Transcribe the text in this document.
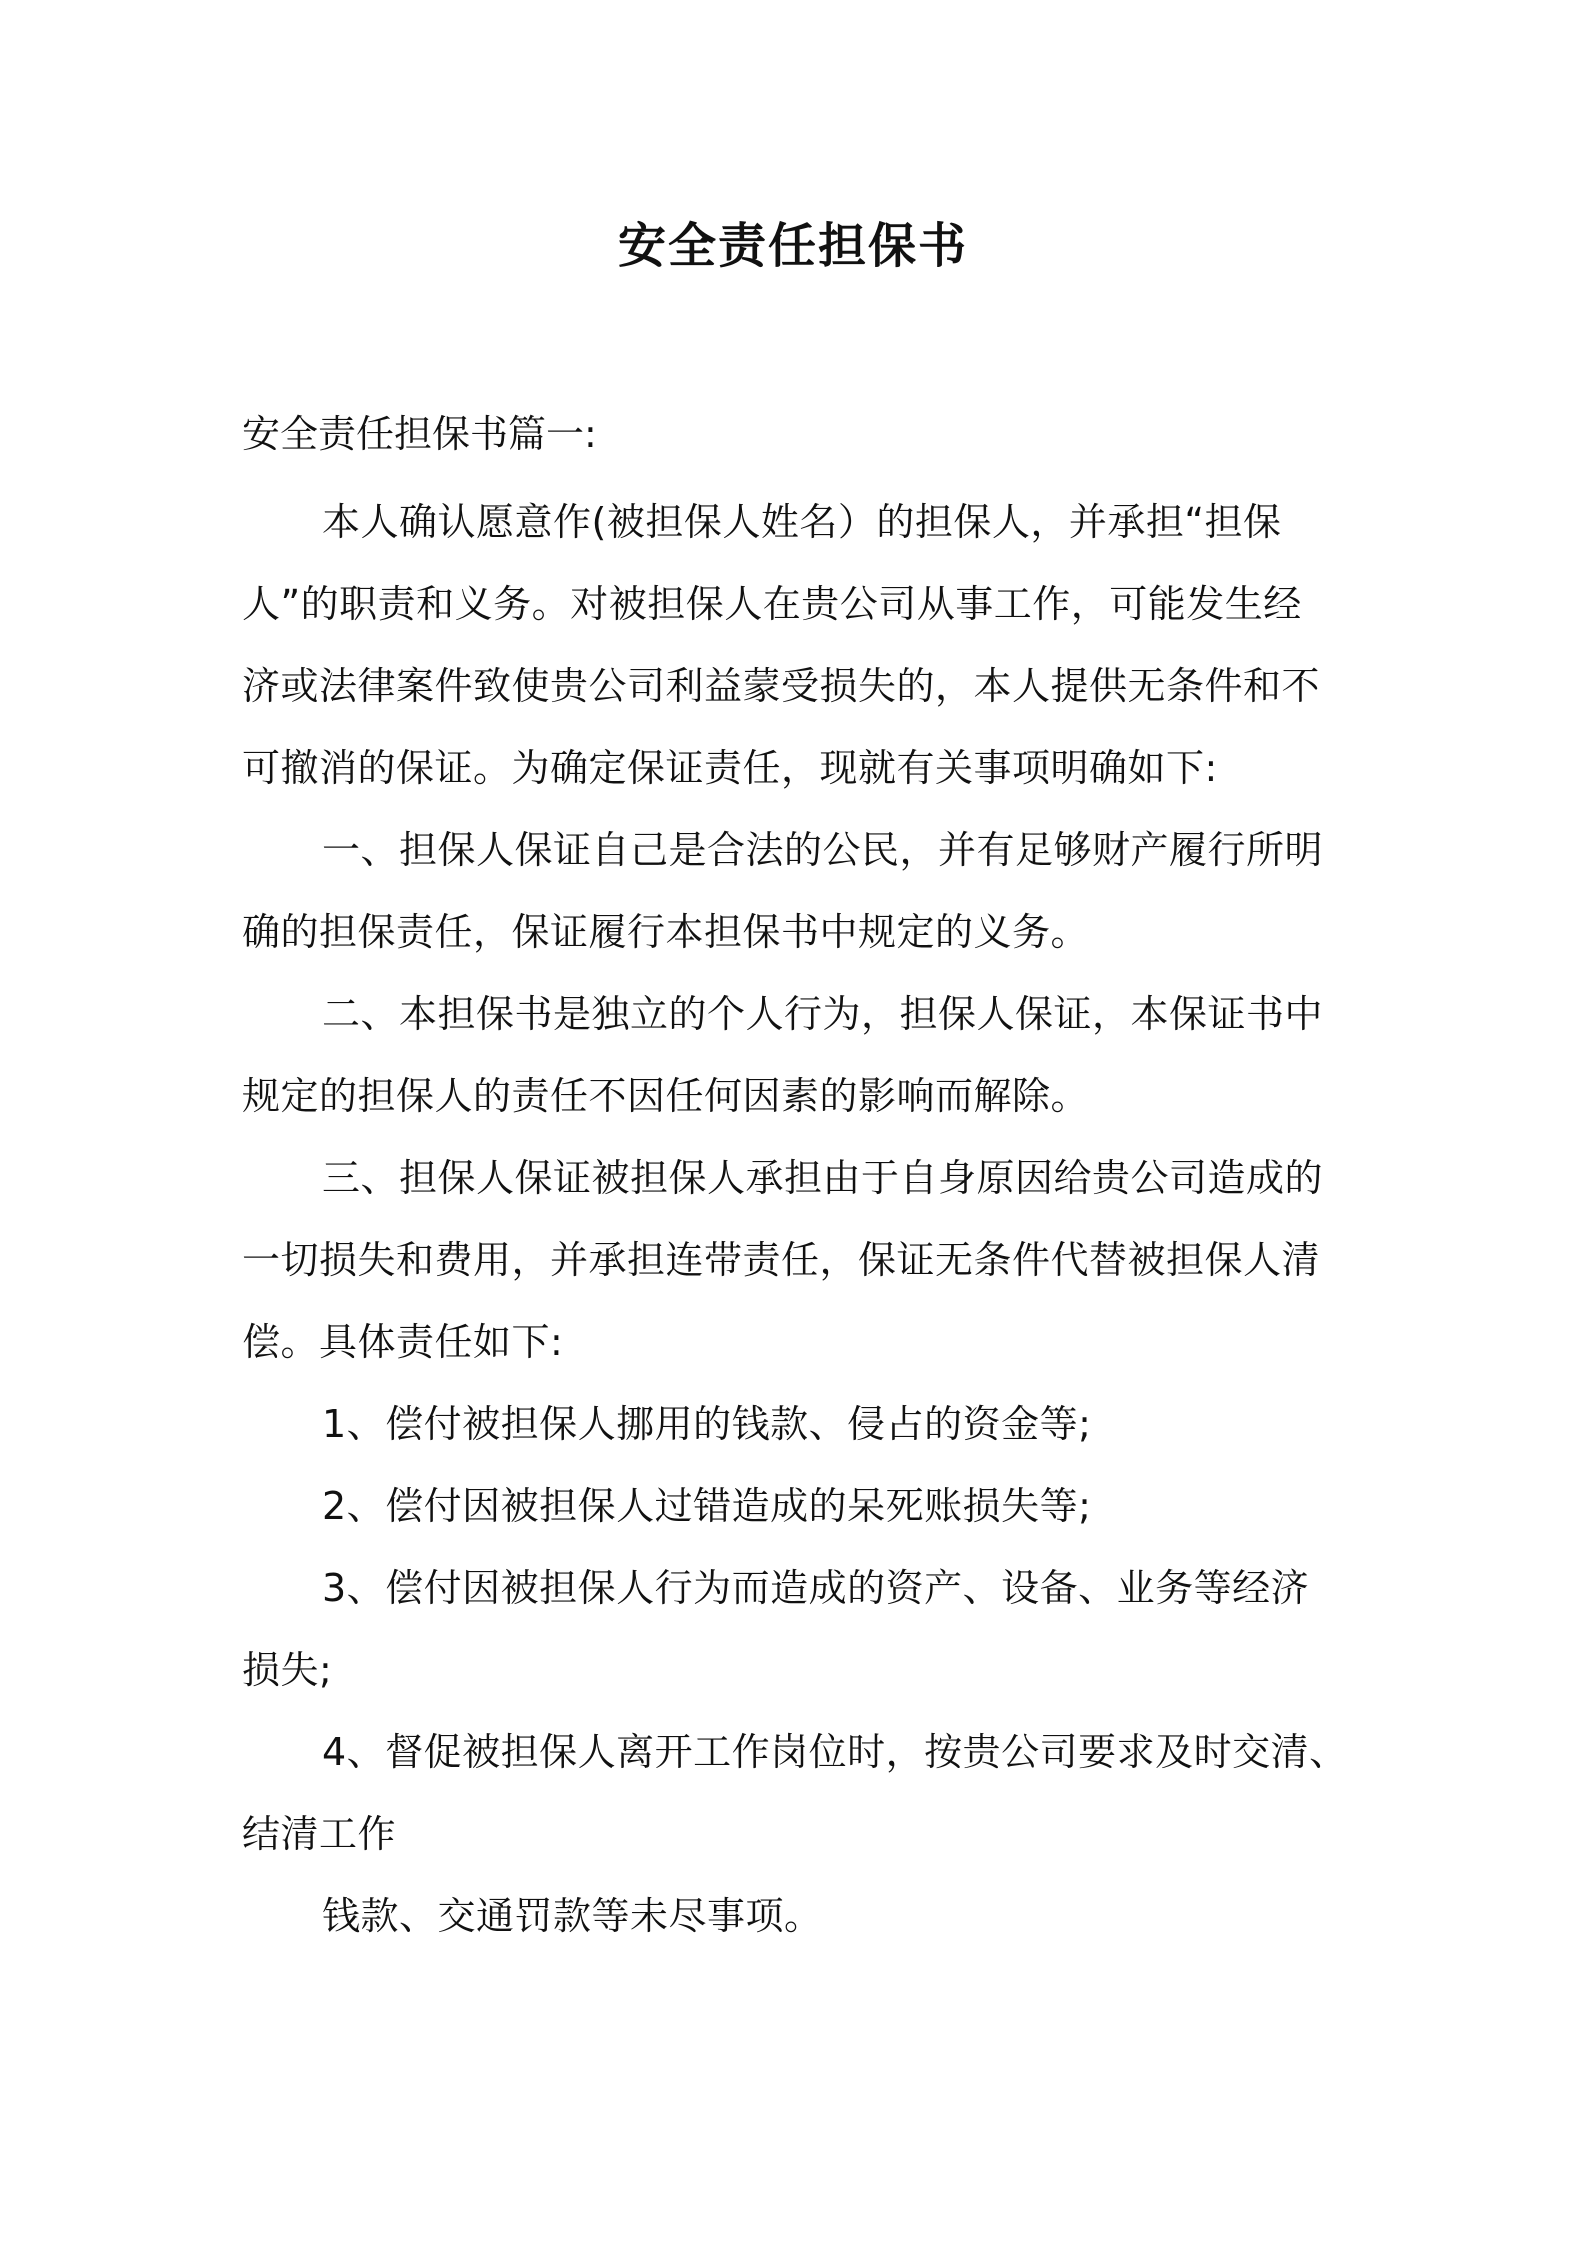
安全责任担保书
安全责任担保书篇一:
本人确认愿意作(被担保人姓名）的担保人，并承担“担保
人”的职责和义务。对被担保人在贵公司从事工作，可能发生经
济或法律案件致使贵公司利益蒙受损失的，本人提供无条件和不
可撤消的保证。为确定保证责任，现就有关事项明确如下:
一、担保人保证自己是合法的公民，并有足够财产履行所明
确的担保责任，保证履行本担保书中规定的义务。
二、本担保书是独立的个人行为，担保人保证，本保证书中
规定的担保人的责任不因任何因素的影响而解除。
三、担保人保证被担保人承担由于自身原因给贵公司造成的
一切损失和费用，并承担连带责任，保证无条件代替被担保人清
偿。具体责任如下:
1、偿付被担保人挪用的钱款、侵占的资金等;
2、偿付因被担保人过错造成的呆死账损失等;
3、偿付因被担保人行为而造成的资产、设备、业务等经济
损失;
4、督促被担保人离开工作岗位时，按贵公司要求及时交清、
结清工作
钱款、交通罚款等未尽事项。
